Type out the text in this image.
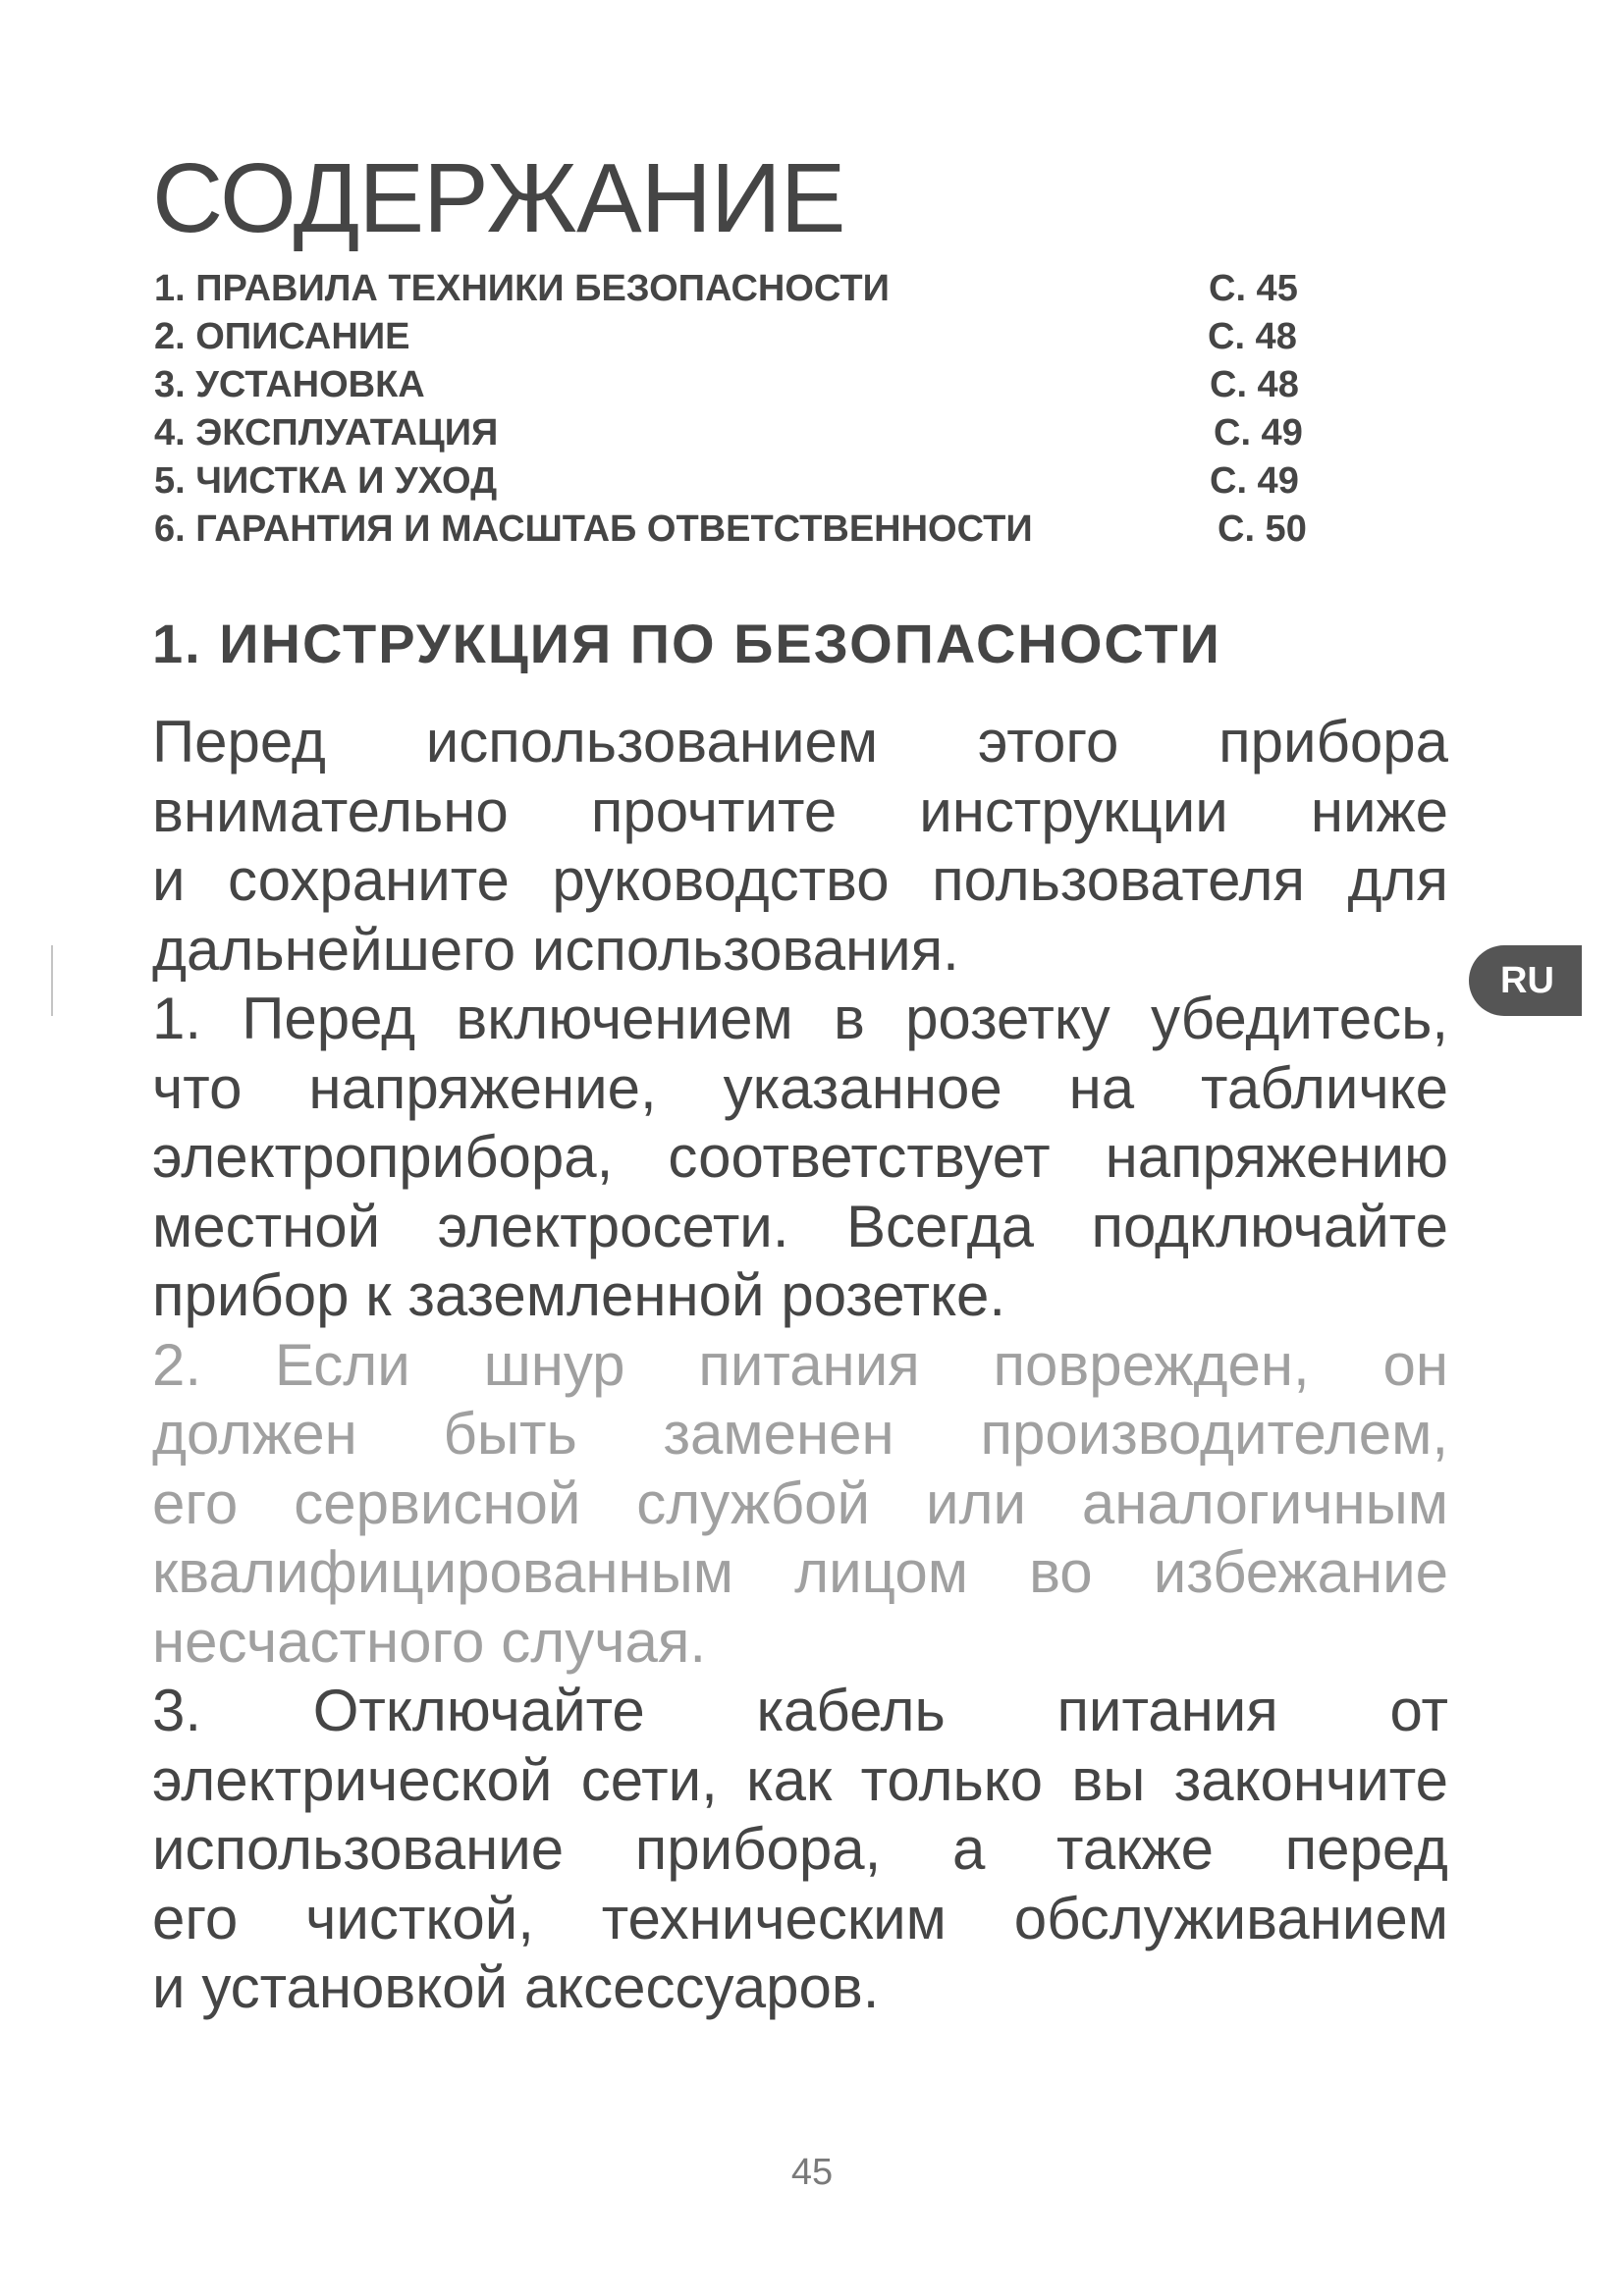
СОДЕРЖАНИЕ
1. ПРАВИЛА ТЕХНИКИ БЕЗОПАСНОСТИ	С. 45
2. ОПИСАНИЕ	С. 48
3. УСТАНОВКА	С. 48
4. ЭКСПЛУАТАЦИЯ	С. 49
5. ЧИСТКА И УХОД	С. 49
6. ГАРАНТИЯ И МАСШТАБ ОТВЕТСТВЕННОСТИ	С. 50
1. ИНСТРУКЦИЯ ПО БЕЗОПАСНОСТИ
Перед использованием этого прибора
внимательно прочтите инструкции ниже
и сохраните руководство пользователя для
дальнейшего использования.
1. Перед включением в розетку убедитесь,
что напряжение, указанное на табличке
электроприбора, соответствует напряжению
местной электросети. Всегда подключайте
прибор к заземленной розетке.
2. Если шнур питания поврежден, он
должен быть заменен производителем,
его сервисной службой или аналогичным
квалифицированным лицом во избежание
несчастного случая.
3. Отключайте кабель питания от
электрической сети, как только вы закончите
использование прибора, а также перед
его чисткой, техническим обслуживанием
и установкой аксессуаров.
RU
45
